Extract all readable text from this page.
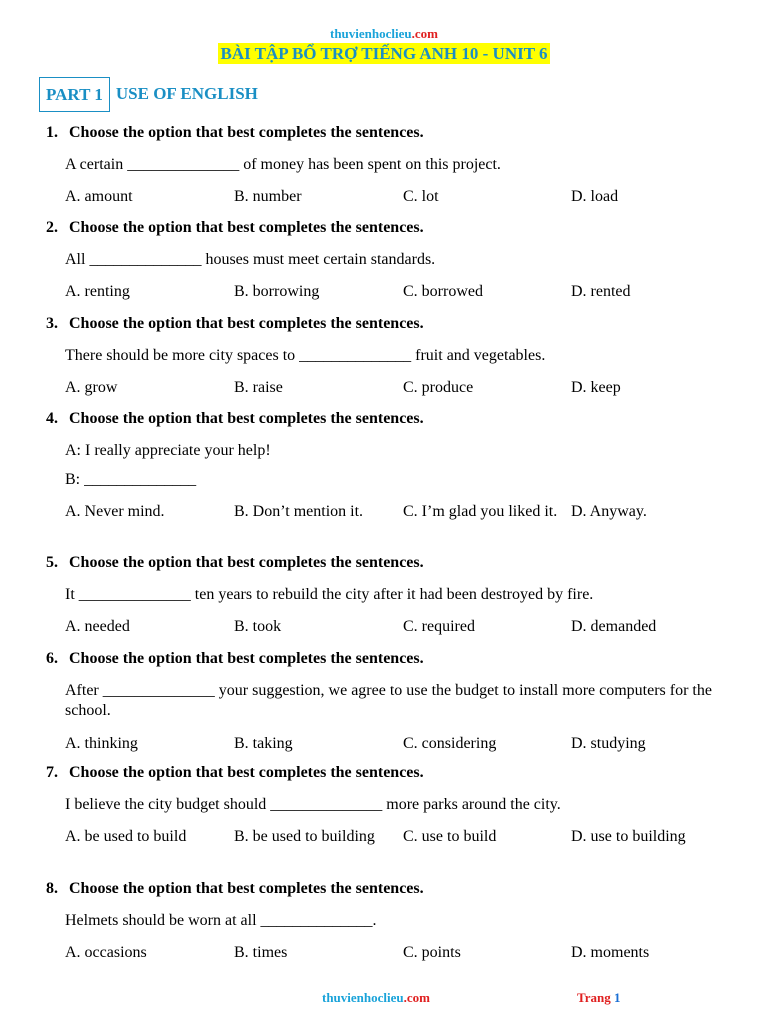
thuvienhoclieu.com
BÀI TẬP BỔ TRỢ TIẾNG ANH 10 - UNIT 6
PART 1 USE OF ENGLISH
1. Choose the option that best completes the sentences.
A certain ______________ of money has been spent on this project.
A. amount	B. number	C. lot	D. load
2. Choose the option that best completes the sentences.
All ______________ houses must meet certain standards.
A. renting	B. borrowing	C. borrowed	D. rented
3. Choose the option that best completes the sentences.
There should be more city spaces to ______________ fruit and vegetables.
A. grow	B. raise	C. produce	D. keep
4. Choose the option that best completes the sentences.
A: I really appreciate your help!
B: ______________
A. Never mind.	B. Don’t mention it.	C. I’m glad you liked it. D. Anyway.
5. Choose the option that best completes the sentences.
It ______________ ten years to rebuild the city after it had been destroyed by fire.
A. needed	B. took	C. required	D. demanded
6. Choose the option that best completes the sentences.
After ______________ your suggestion, we agree to use the budget to install more computers for the school.
A. thinking	B. taking	C. considering	D. studying
7. Choose the option that best completes the sentences.
I believe the city budget should ______________ more parks around the city.
A. be used to build	B. be used to building	C. use to build	D. use to building
8. Choose the option that best completes the sentences.
Helmets should be worn at all ______________.
A. occasions	B. times	C. points	D. moments
thuvienhoclieu.com	Trang 1
